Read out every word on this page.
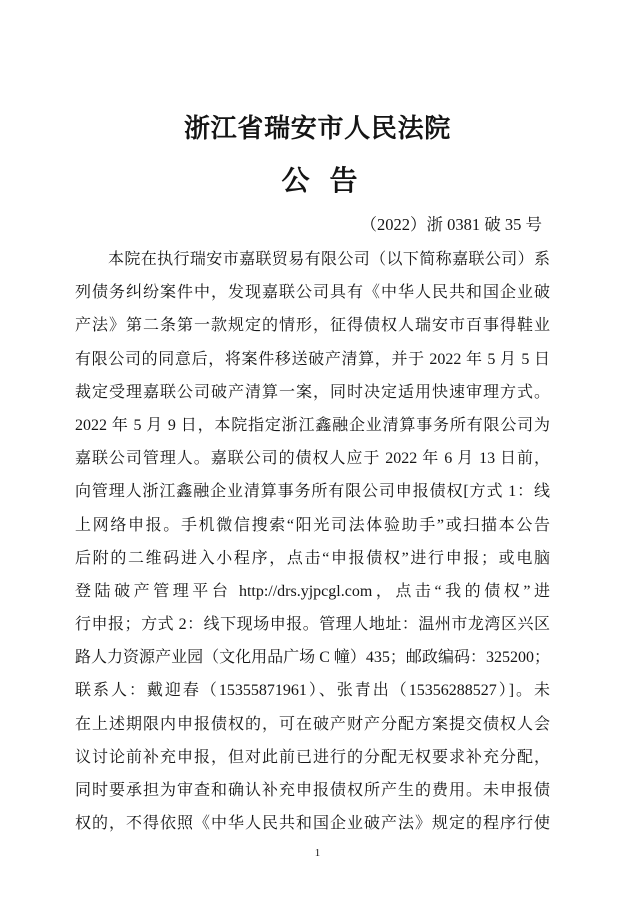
浙江省瑞安市人民法院
公　告
（2022）浙 0381 破 35 号
本院在执行瑞安市嘉联贸易有限公司（以下简称嘉联公司）系
列债务纠纷案件中，发现嘉联公司具有《中华人民共和国企业破
产法》第二条第一款规定的情形，征得债权人瑞安市百事得鞋业
有限公司的同意后，将案件移送破产清算，并于 2022 年 5 月 5 日
裁定受理嘉联公司破产清算一案，同时决定适用快速审理方式。
2022 年 5 月 9 日，本院指定浙江鑫融企业清算事务所有限公司为
嘉联公司管理人。嘉联公司的债权人应于 2022 年 6 月 13 日前，
向管理人浙江鑫融企业清算事务所有限公司申报债权[方式 1：线
上网络申报。手机微信搜索“阳光司法体验助手”或扫描本公告
后附的二维码进入小程序，点击“申报债权”进行申报；或电脑
登陆破产管理平台 http://drs.yjpcgl.com，点击“我的债权”进
行申报；方式 2：线下现场申报。管理人地址：温州市龙湾区兴区
路人力资源产业园（文化用品广场 C 幢）435；邮政编码：325200；
联系人：戴迎春（15355871961）、张青出（15356288527）]。未
在上述期限内申报债权的，可在破产财产分配方案提交债权人会
议讨论前补充申报，但对此前已进行的分配无权要求补充分配，
同时要承担为审查和确认补充申报债权所产生的费用。未申报债
权的，不得依照《中华人民共和国企业破产法》规定的程序行使
1
